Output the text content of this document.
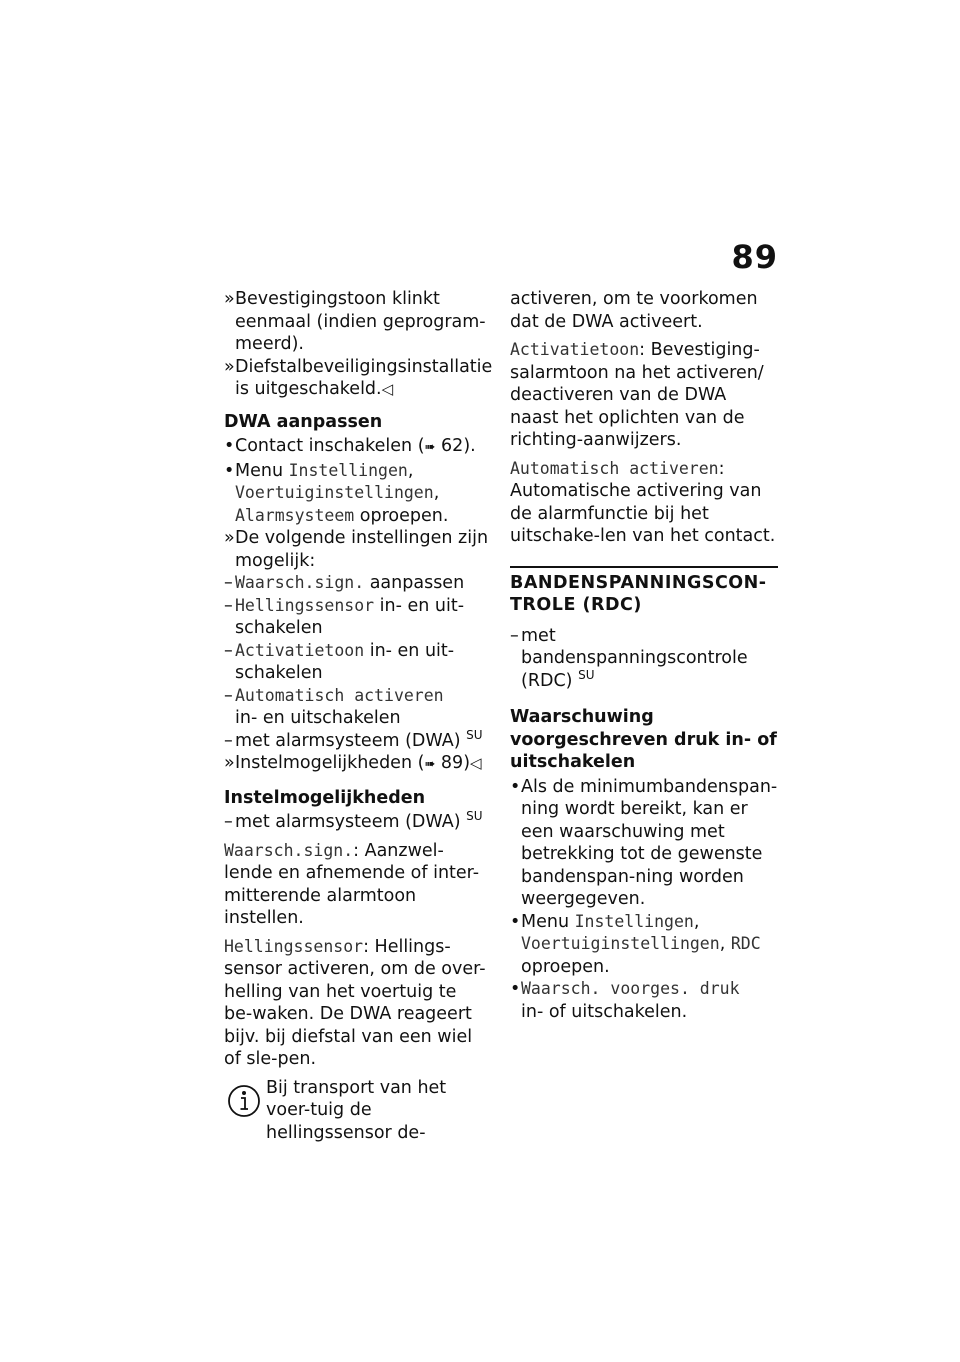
89
» Bevestigingstoon klinkt eenmaal (indien geprogram-meerd).
» Diefstalbeveiligingsinstallatie is uitgeschakeld.◁
DWA aanpassen
• Contact inschakelen (➠ 62).
• Menu Instellingen, Voertuiginstellingen, Alarmsysteem oproepen.
» De volgende instellingen zijn mogelijk:
– Waarsch.sign. aanpassen
– Hellingssensor in- en uit-schakelen
– Activatietoon in- en uit-schakelen
– Automatisch activeren
in- en uitschakelen
– met alarmsysteem (DWA) $^{SU}$
» Instelmogelijkheden (➠ 89)◁
Instelmogelijkheden
– met alarmsysteem (DWA) $^{SU}$

Waarsch.sign.: Aanzwel-lende en afnemende of inter-mitterende alarmtoon instellen.

Hellingssensor: Hellings-sensor activeren, om de over-helling van het voertuig te be-waken. De DWA reageert bijv. bij diefstal van een wiel of sle-pen.

Bij transport van het voer-tuig de hellingssensor de-

activeren, om te voorkomen dat de DWA activeert.

Activatietoon: Bevestiging-salarmtoon na het activeren/ deactiveren van de DWA naast het oplichten van de richting-aanwijzers.

Automatisch activeren: Automatische activering van de alarmfunctie bij het uitschake-len van het contact.

BANDENSPANNINGSCON-TROLE (RDC)
– met bandenspanningscontrole (RDC) $^{SU}$
Waarschuwing voorgeschreven druk in- of uitschakelen
• Als de minimumbandenspan-ning wordt bereikt, kan er een waarschuwing met betrekking tot de gewenste bandenspan-ning worden weergegeven.
• Menu Instellingen, Voertuiginstellingen, RDC oproepen.
• Waarsch. voorges. druk
in- of uitschakelen.
